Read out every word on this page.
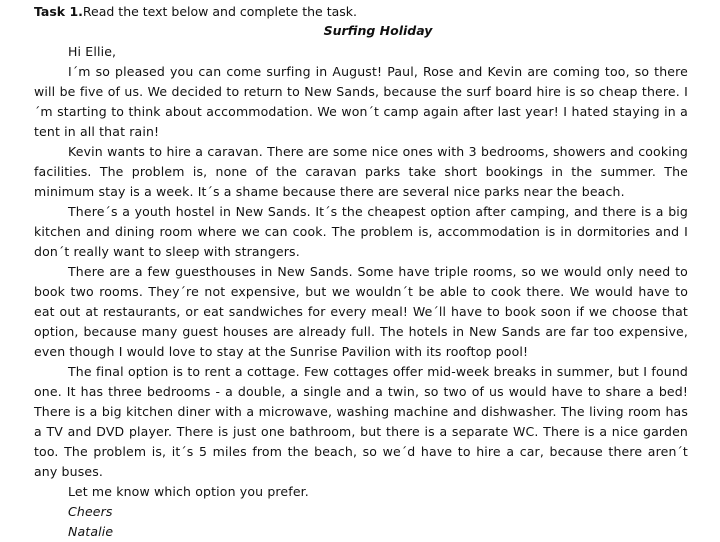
Task 1.Read the text below and complete the task.
Surfing Holiday

Hi Ellie,

I´m so pleased you can come surfing in August! Paul, Rose and Kevin are coming too, so there will be five of us. We decided to return to New Sands, because the surf board hire is so cheap there. I´m starting to think about accommodation. We won´t camp again after last year! I hated staying in a tent in all that rain!

Kevin wants to hire a caravan. There are some nice ones with 3 bedrooms, showers and cooking facilities. The problem is, none of the caravan parks take short bookings in the summer. The minimum stay is a week. It´s a shame because there are several nice parks near the beach.

There´s a youth hostel in New Sands. It´s the cheapest option after camping, and there is a big kitchen and dining room where we can cook. The problem is, accommodation is in dormitories and I don´t really want to sleep with strangers.

There are a few guesthouses in New Sands. Some have triple rooms, so we would only need to book two rooms. They´re not expensive, but we wouldn´t be able to cook there. We would have to eat out at restaurants, or eat sandwiches for every meal! We´ll have to book soon if we choose that option, because many guest houses are already full. The hotels in New Sands are far too expensive, even though I would love to stay at the Sunrise Pavilion with its rooftop pool!

The final option is to rent a cottage. Few cottages offer mid-week breaks in summer, but I found one. It has three bedrooms - a double, a single and a twin, so two of us would have to share a bed! There is a big kitchen diner with a microwave, washing machine and dishwasher. The living room has a TV and DVD player. There is just one bathroom, but there is a separate WC. There is a nice garden too. The problem is, it´s 5 miles from the beach, so we´d have to hire a car, because there aren´t any buses.

Let me know which option you prefer.

Cheers

Natalie
